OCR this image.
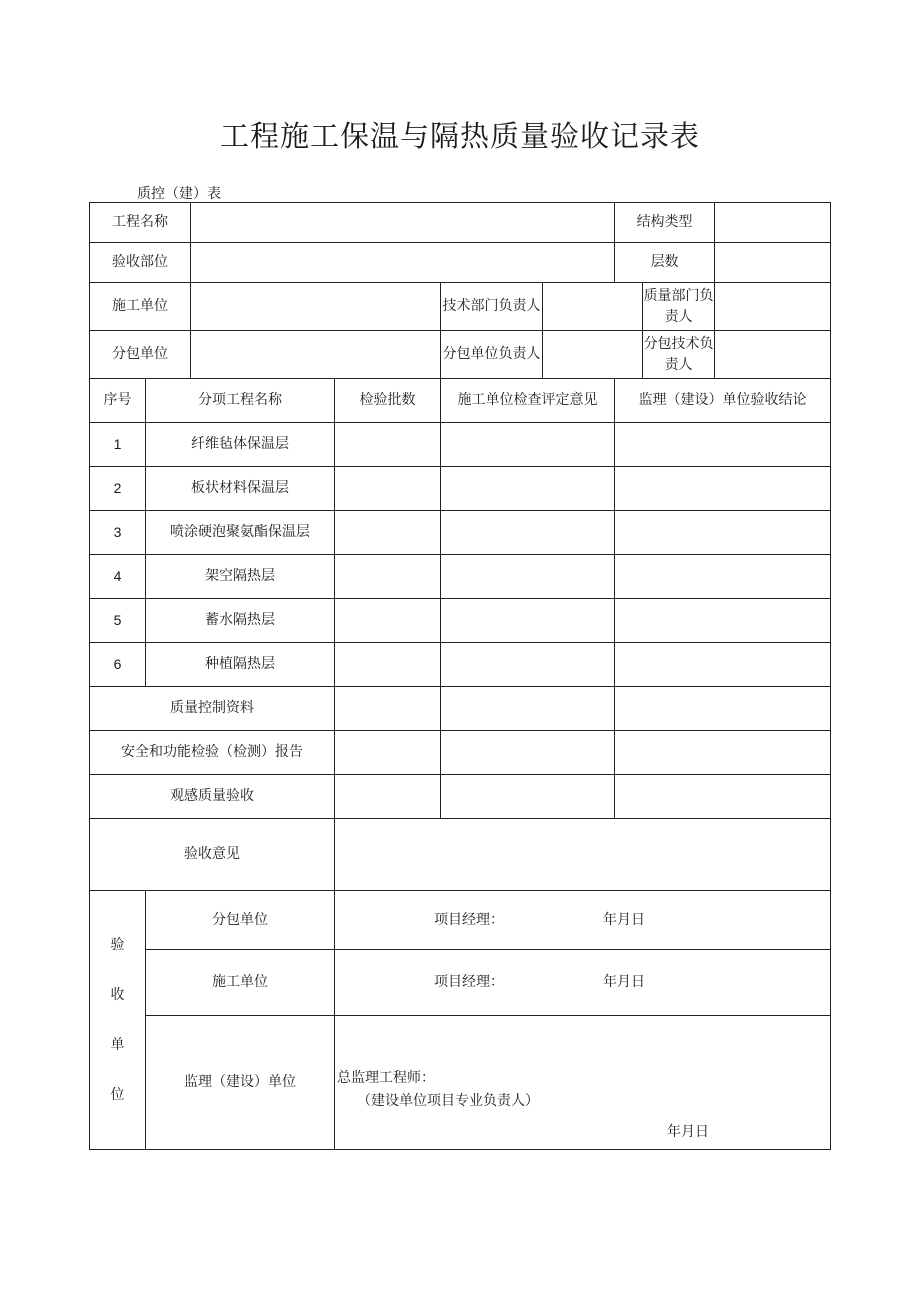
工程施工保温与隔热质量验收记录表
质控（建）表
工程名称						结构类型		
验收部位						层数		
施工单位				技术部门负责人			质量部门负责人	
分包单位				分包单位负责人			分包技术负责人	
序号	分项工程名称		检验批数	施工单位检查评定意见		监理（建设）单位验收结论		
1	纤维毡体保温层							
2	板状材料保温层							
3	喷涂硬泡聚氨酯保温层							
4	架空隔热层							
5	蓄水隔热层							
6	种植隔热层							
质量控制资料								
安全和功能检验（检测）报告								
观感质量验收								
验收意见								

验
收
单
位	分包单位		项目经理： 年月日					

	施工单位		项目经理： 年月日					

	监理（建设）单位		总监理工程师：
（建设单位项目专业负责人）
年月日					
